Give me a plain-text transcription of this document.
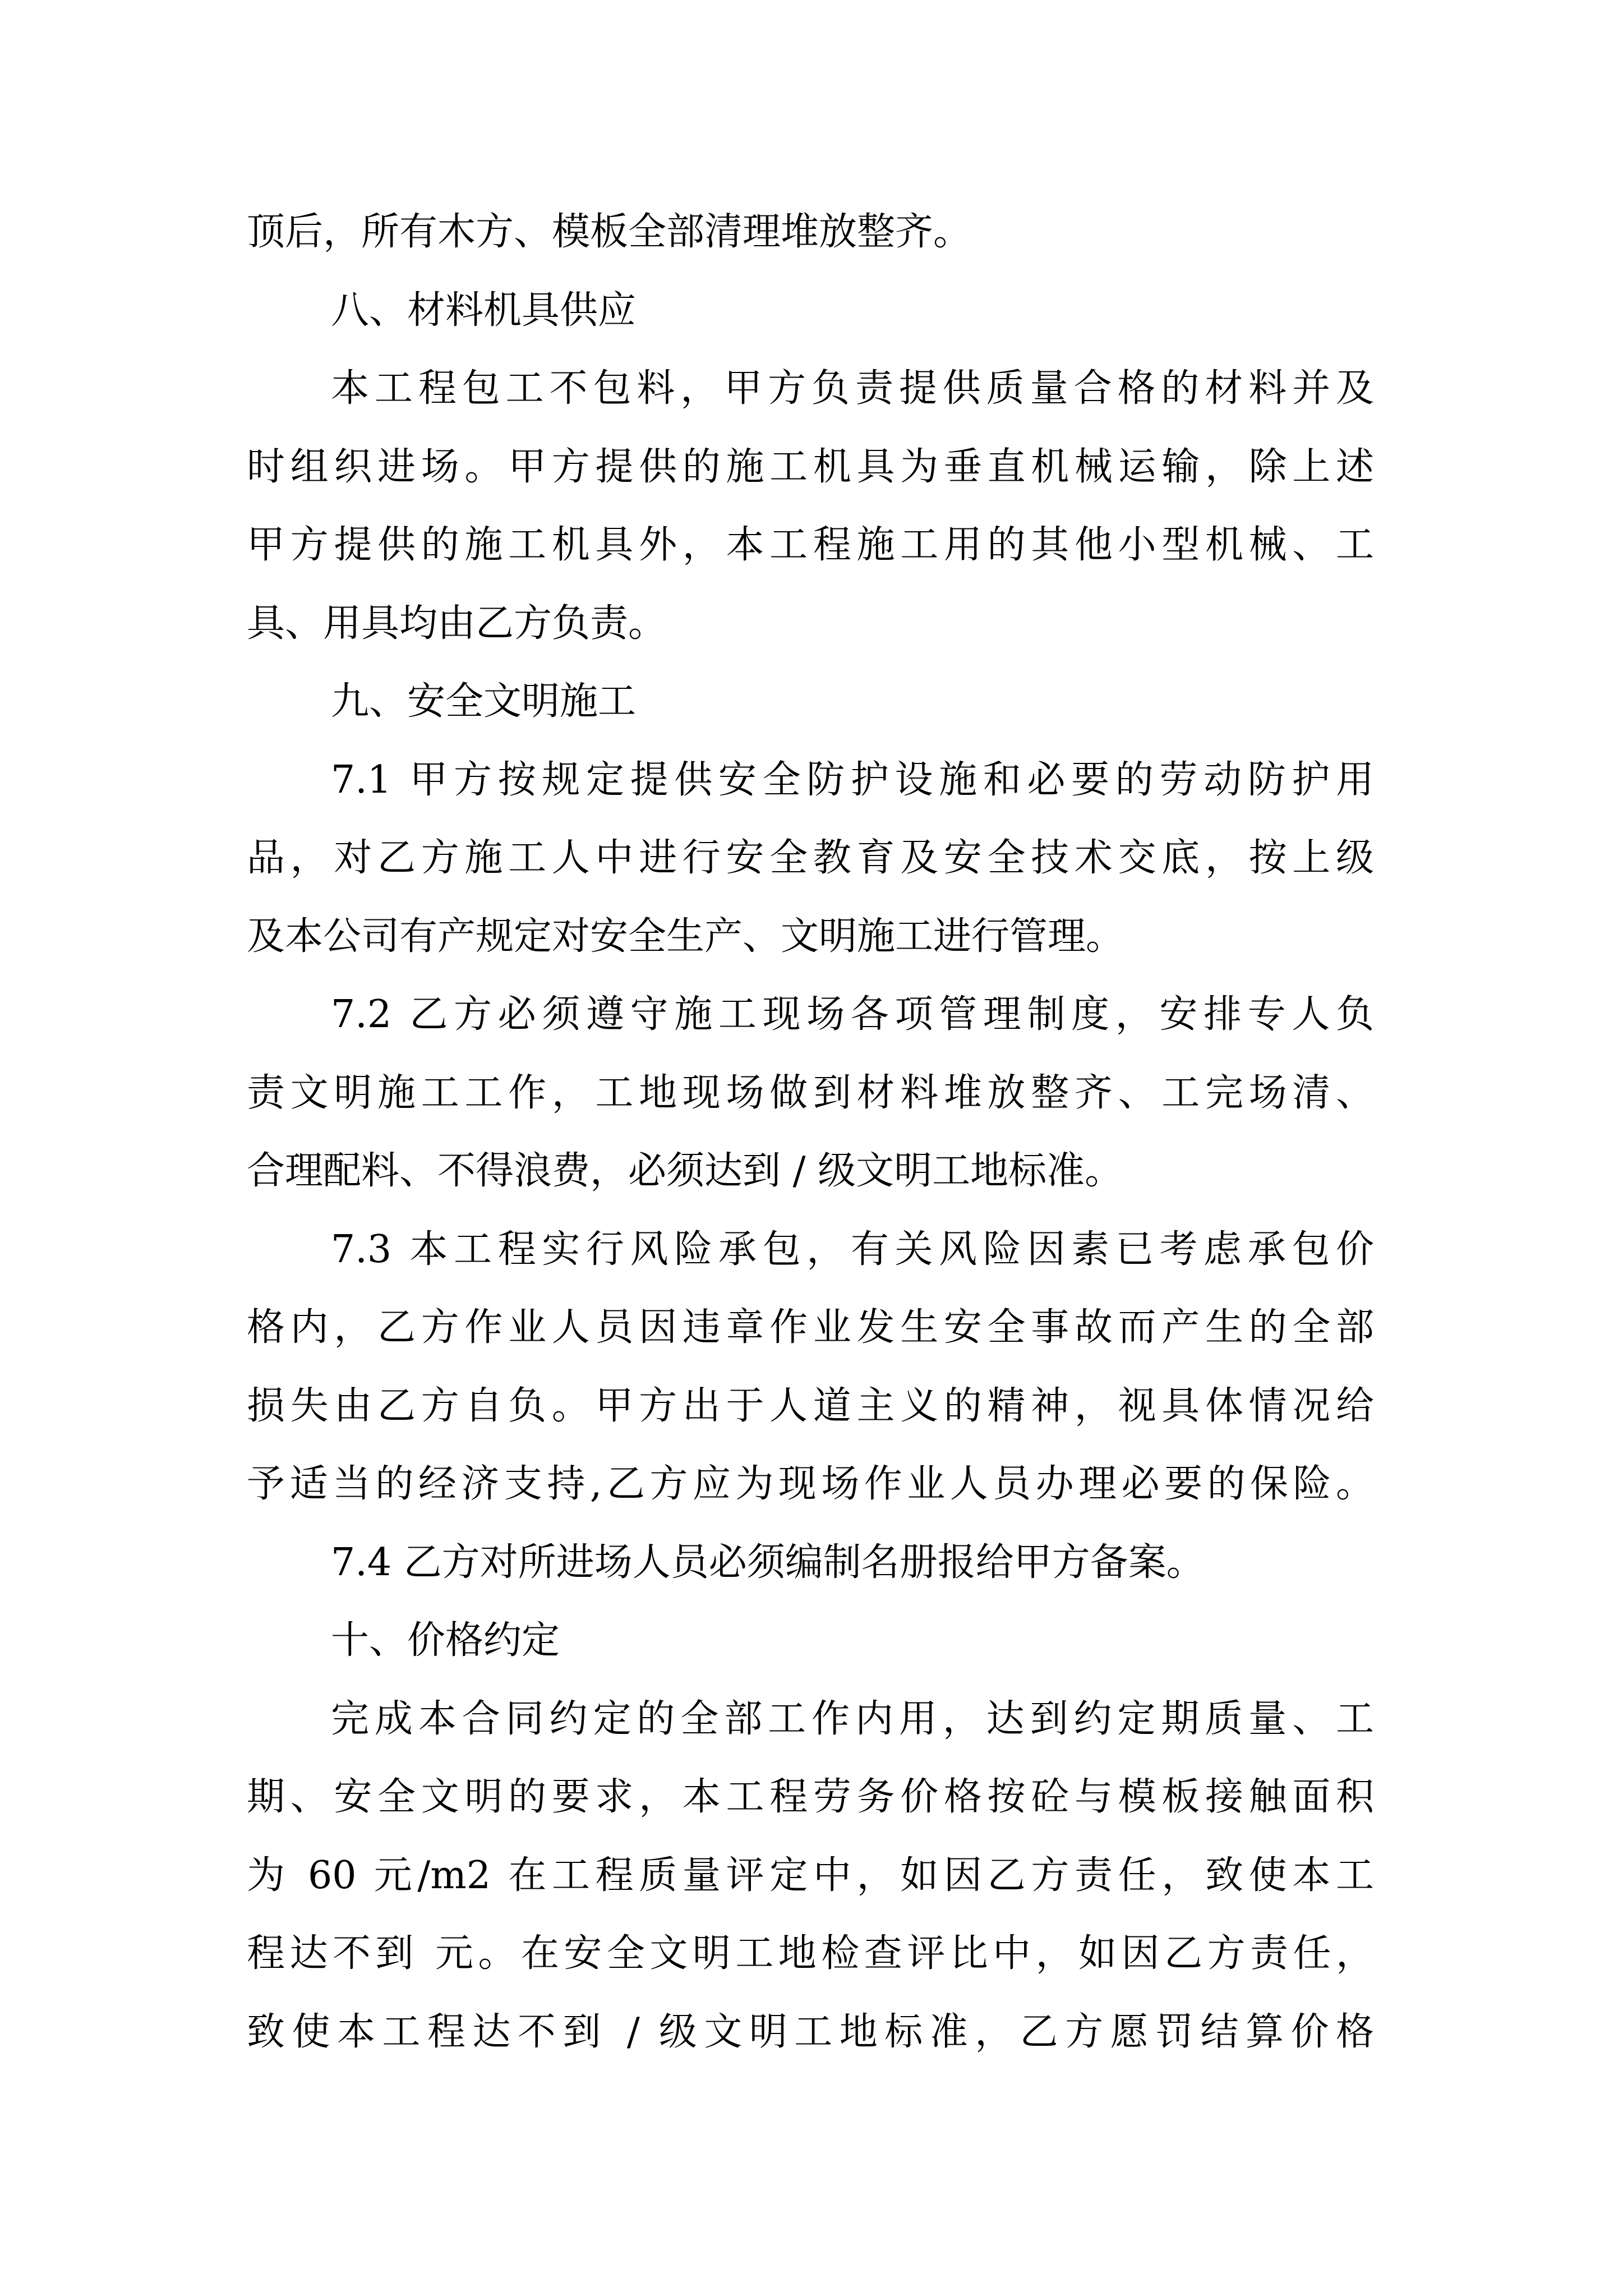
顶后，所有木方、模板全部清理堆放整齐。
八、材料机具供应
本工程包工不包料，甲方负责提供质量合格的材料并及
时组织进场。甲方提供的施工机具为垂直机械运输，除上述
甲方提供的施工机具外，本工程施工用的其他小型机械、工
具、用具均由乙方负责。
九、安全文明施工
7.1 甲方按规定提供安全防护设施和必要的劳动防护用
品，对乙方施工人中进行安全教育及安全技术交底，按上级
及本公司有产规定对安全生产、文明施工进行管理。
7.2 乙方必须遵守施工现场各项管理制度，安排专人负
责文明施工工作，工地现场做到材料堆放整齐、工完场清、
合理配料、不得浪费，必须达到 / 级文明工地标准。
7.3 本工程实行风险承包，有关风险因素已考虑承包价
格内，乙方作业人员因违章作业发生安全事故而产生的全部
损失由乙方自负。甲方出于人道主义的精神，视具体情况给
予适当的经济支持,乙方应为现场作业人员办理必要的保险。
7.4 乙方对所进场人员必须编制名册报给甲方备案。
十、价格约定
完成本合同约定的全部工作内用，达到约定期质量、工
期、安全文明的要求，本工程劳务价格按砼与模板接触面积
为 60 元/m2 在工程质量评定中，如因乙方责任，致使本工
程达不到 元。在安全文明工地检查评比中，如因乙方责任，
致使本工程达不到 / 级文明工地标准，乙方愿罚结算价格
